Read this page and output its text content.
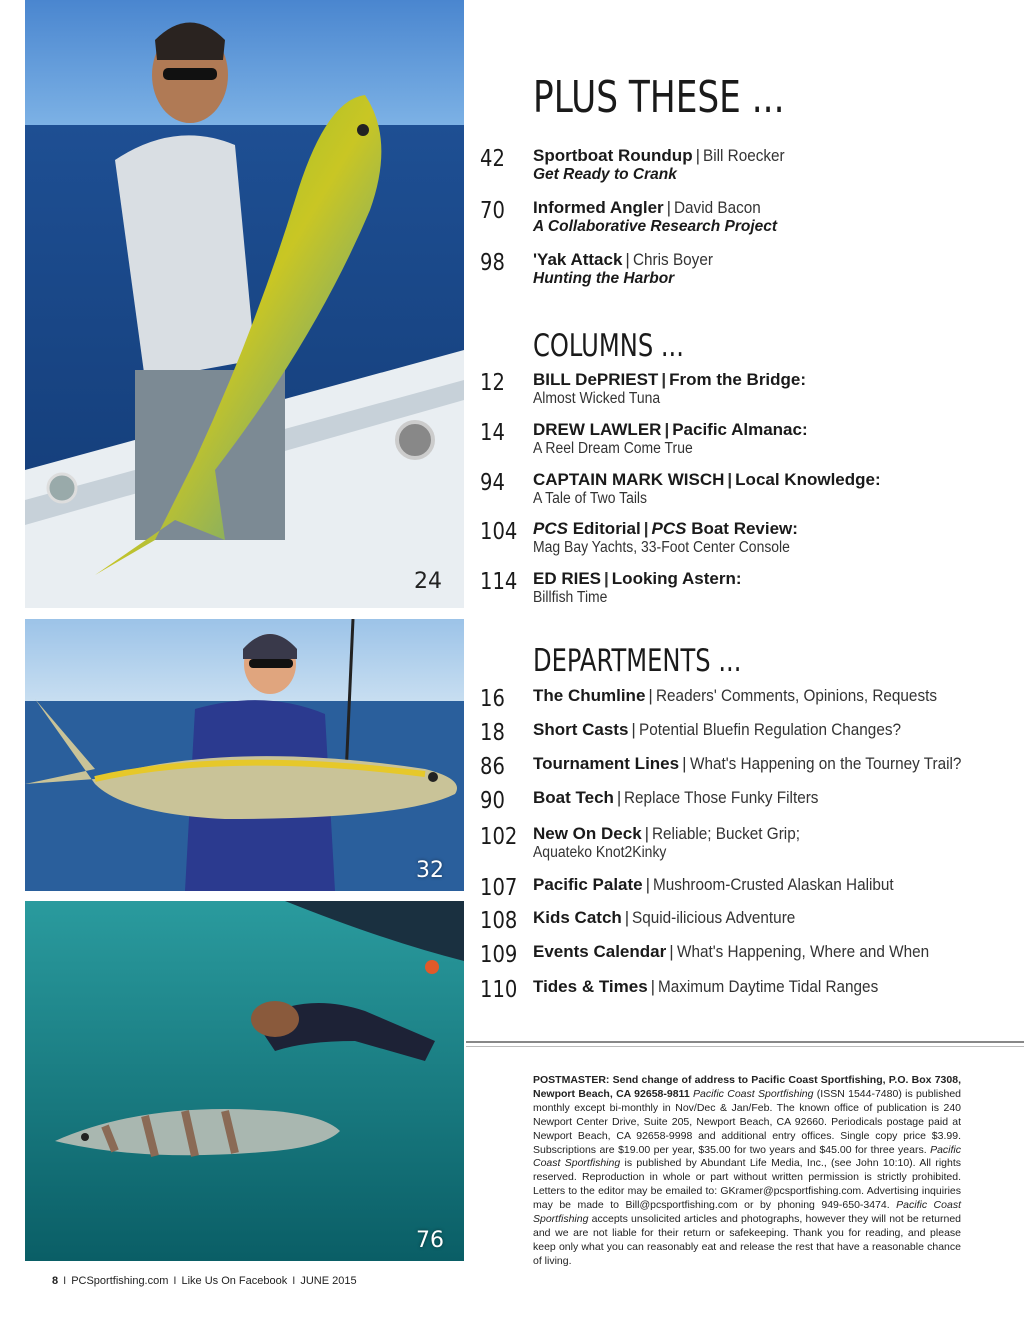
24
32
76
PLUS THESE ...
42 Sportboat Roundup | Bill Roecker
Get Ready to Crank
70 Informed Angler | David Bacon
A Collaborative Research Project
98 'Yak Attack | Chris Boyer
Hunting the Harbor
COLUMNS ...
12 BILL DePRIEST | From the Bridge:
Almost Wicked Tuna
14 DREW LAWLER | Pacific Almanac:
A Reel Dream Come True
94 CAPTAIN MARK WISCH | Local Knowledge:
A Tale of Two Tails
104 PCS Editorial | PCS Boat Review:
Mag Bay Yachts, 33-Foot Center Console
114 ED RIES | Looking Astern:
Billfish Time
DEPARTMENTS ...
16 The Chumline | Readers' Comments, Opinions, Requests
18 Short Casts | Potential Bluefin Regulation Changes?
86 Tournament Lines | What's Happening on the Tourney Trail?
90 Boat Tech | Replace Those Funky Filters
102 New On Deck | Reliable; Bucket Grip;
Aquateko Knot2Kinky
107 Pacific Palate | Mushroom-Crusted Alaskan Halibut
108 Kids Catch | Squid-ilicious Adventure
109 Events Calendar | What's Happening, Where and When
110 Tides & Times | Maximum Daytime Tidal Ranges
POSTMASTER: Send change of address to Pacific Coast Sportfishing, P.O. Box 7308, Newport Beach, CA 92658-9811 Pacific Coast Sportfishing (ISSN 1544-7480) is published monthly except bi-monthly in Nov/Dec & Jan/Feb. The known office of publication is 240 Newport Center Drive, Suite 205, Newport Beach, CA 92660. Periodicals postage paid at Newport Beach, CA 92658-9998 and additional entry offices. Single copy price $3.99. Subscriptions are $19.00 per year, $35.00 for two years and $45.00 for three years. Pacific Coast Sportfishing is published by Abundant Life Media, Inc., (see John 10:10). All rights reserved. Reproduction in whole or part without written permission is strictly prohibited. Letters to the editor may be emailed to: GKramer@pcsportfishing.com. Advertising inquiries may be made to Bill@pcsportfishing.com or by phoning 949-650-3474. Pacific Coast Sportfishing accepts unsolicited articles and photographs, however they will not be returned and we are not liable for their return or safekeeping. Thank you for reading, and please keep only what you can reasonably eat and release the rest that have a reasonable chance of living.
8 I PCSportfishing.com I Like Us On Facebook I JUNE 2015
